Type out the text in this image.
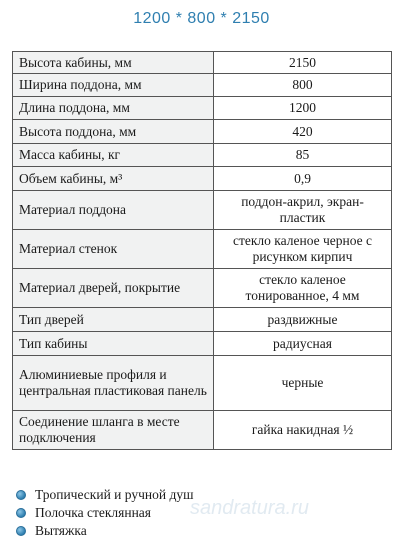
1200 * 800 * 2150
Высота кабины, мм	2150
Ширина поддона, мм	800
Длина поддона, мм	1200
Высота поддона, мм	420
Масса кабины, кг	85
Объем кабины, м³	0,9
Материал поддона	поддон-акрил, экран-пластик
Материал стенок	стекло каленое черное с рисунком кирпич
Материал дверей, покрытие	стекло каленое тонированное, 4 мм
Тип дверей	раздвижные
Тип кабины	радиусная
Алюминиевые профиля и центральная пластиковая панель	черные
Соединение шланга в месте подключения	гайка накидная ½
Тропический и ручной душ
Полочка стеклянная
Вытяжка
sandratura.ru
